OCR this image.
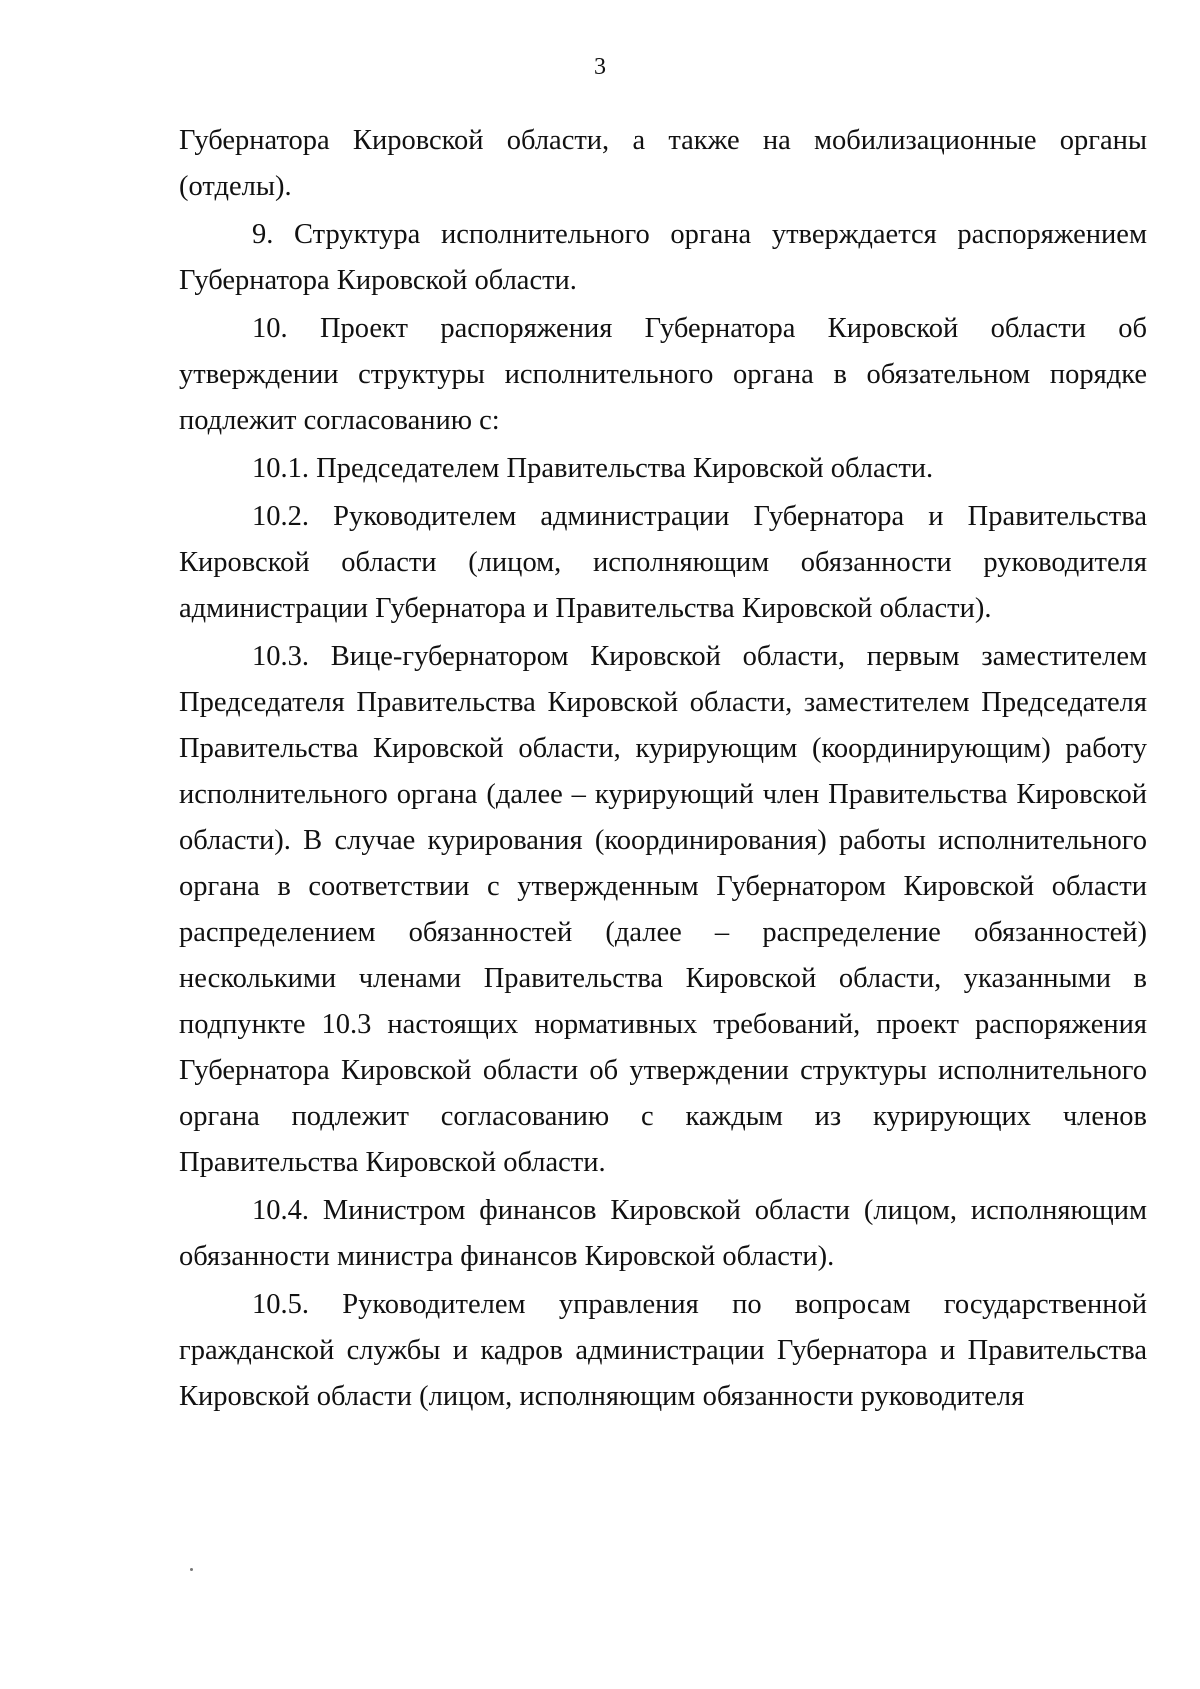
3

Губернатора Кировской области, а также на мобилизационные органы (отделы).

9. Структура исполнительного органа утверждается распоряжением Губернатора Кировской области.

10. Проект распоряжения Губернатора Кировской области об утверждении структуры исполнительного органа в обязательном порядке подлежит согласованию с:

10.1. Председателем Правительства Кировской области.

10.2. Руководителем администрации Губернатора и Правительства Кировской области (лицом, исполняющим обязанности руководителя администрации Губернатора и Правительства Кировской области).

10.3. Вице-губернатором Кировской области, первым заместителем Председателя Правительства Кировской области, заместителем Председателя Правительства Кировской области, курирующим (координирующим) работу исполнительного органа (далее – курирующий член Правительства Кировской области). В случае курирования (координирования) работы исполнительного органа в соответствии с утвержденным Губернатором Кировской области распределением обязанностей (далее – распределение обязанностей) несколькими членами Правительства Кировской области, указанными в подпункте 10.3 настоящих нормативных требований, проект распоряжения Губернатора Кировской области об утверждении структуры исполнительного органа подлежит согласованию с каждым из курирующих членов Правительства Кировской области.

10.4. Министром финансов Кировской области (лицом, исполняющим обязанности министра финансов Кировской области).

10.5. Руководителем управления по вопросам государственной гражданской службы и кадров администрации Губернатора и Правительства Кировской области (лицом, исполняющим обязанности руководителя
